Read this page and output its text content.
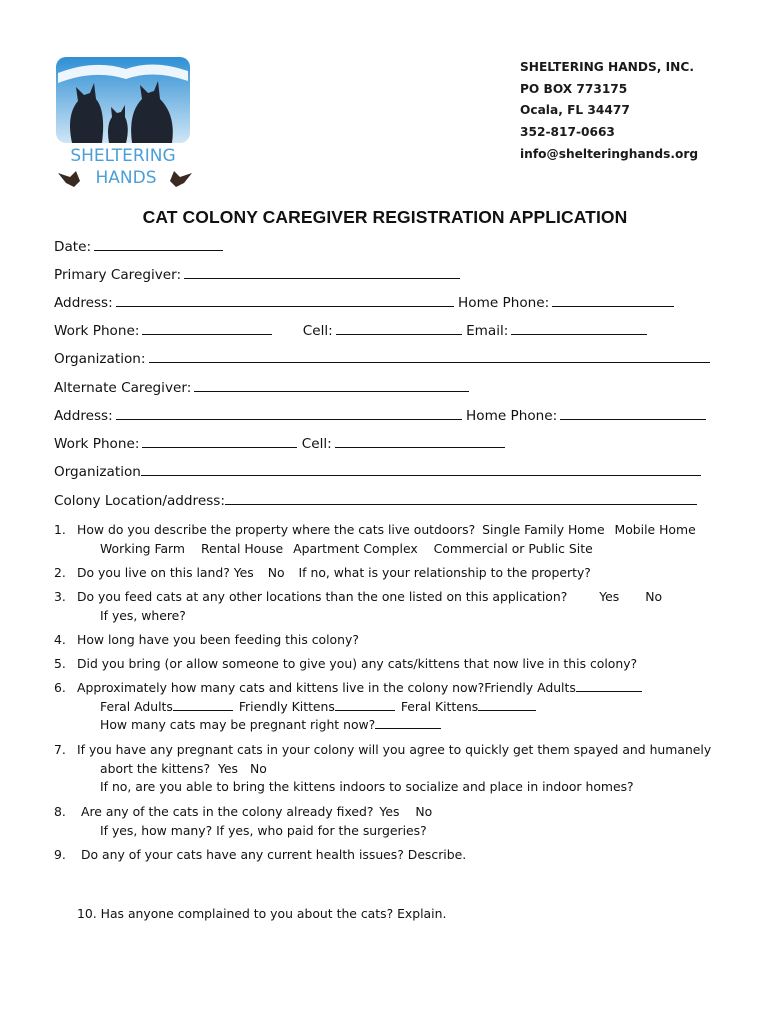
SHELTERING
HANDS
SHELTERING HANDS, INC.
PO BOX 773175
Ocala, FL 34477
352-817-0663
info@shelteringhands.org
CAT COLONY CAREGIVER REGISTRATION APPLICATION
Date:
Primary Caregiver:
Address:	Home Phone:
Work Phone:	Cell:	Email:
Organization:
Alternate Caregiver:
Address:	Home Phone:
Work Phone:	Cell:
Organization
Colony Location/address:
1. How do you describe the property where the cats live outdoors? Single Family Home Mobile Home
Working Farm Rental House Apartment Complex Commercial or Public Site
2. Do you live on this land? Yes No If no, what is your relationship to the property?
3. Do you feed cats at any other locations than the one listed on this application?	Yes No
If yes, where?
4. How long have you been feeding this colony?
5. Did you bring (or allow someone to give you) any cats/kittens that now live in this colony?
6. Approximately how many cats and kittens live in the colony now?Friendly Adults
Feral Adults	Friendly Kittens	Feral Kittens
How many cats may be pregnant right now?
7. If you have any pregnant cats in your colony will you agree to quickly get them spayed and humanely
abort the kittens? Yes No
If no, are you able to bring the kittens indoors to socialize and place in indoor homes?
8. Are any of the cats in the colony already fixed? Yes No
If yes, how many? If yes, who paid for the surgeries?
9. Do any of your cats have any current health issues? Describe.
10. Has anyone complained to you about the cats? Explain.
